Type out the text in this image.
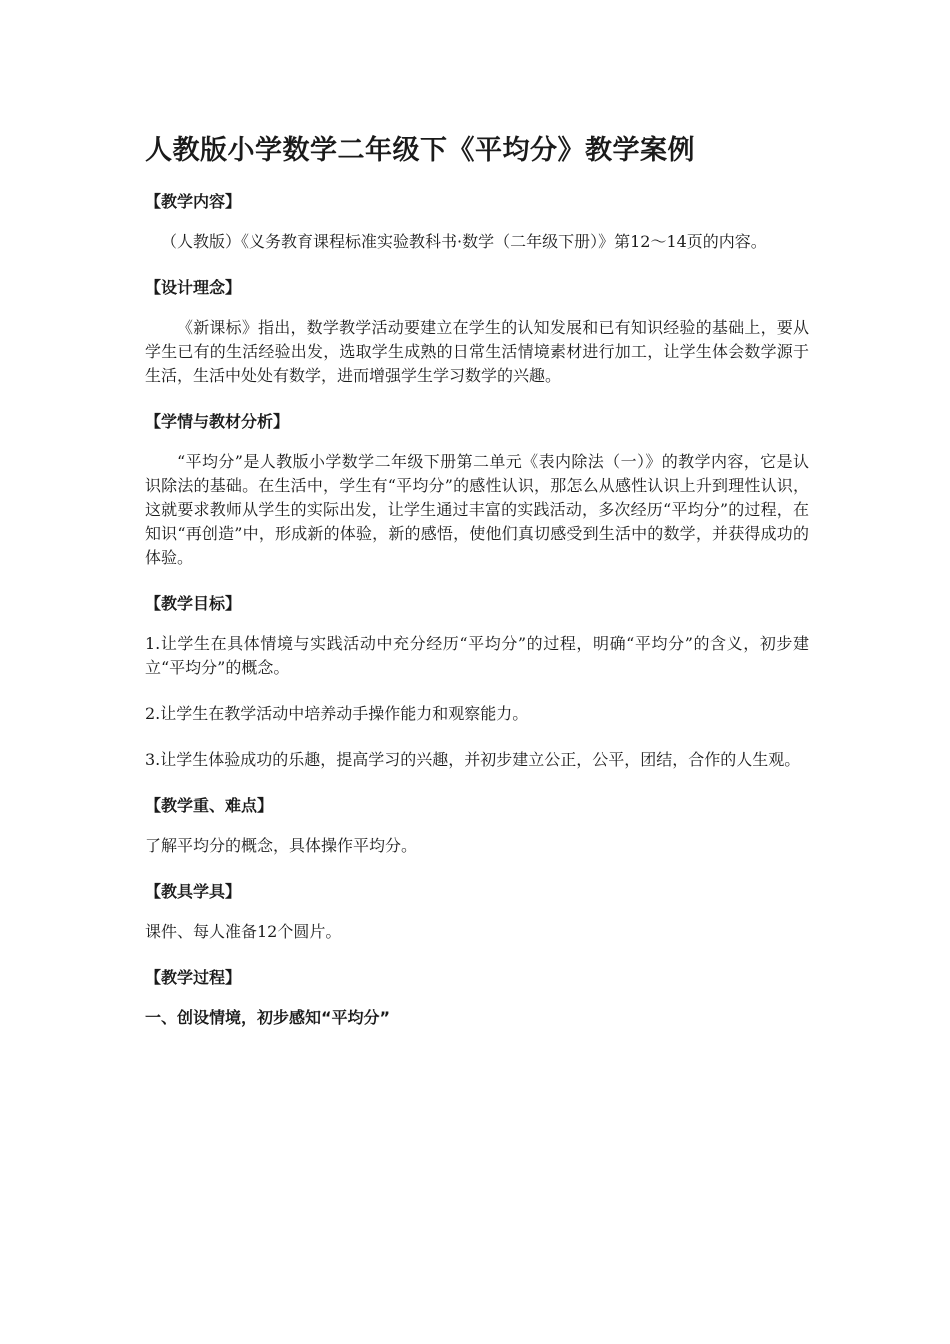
人教版小学数学二年级下《平均分》教学案例
【教学内容】

（人教版）《义务教育课程标准实验教科书·数学（二年级下册）》第12～14页的内容。

【设计理念】

《新课标》指出，数学教学活动要建立在学生的认知发展和已有知识经验的基础上，要从学生已有的生活经验出发，选取学生成熟的日常生活情境素材进行加工，让学生体会数学源于生活，生活中处处有数学，进而增强学生学习数学的兴趣。

【学情与教材分析】

“平均分”是人教版小学数学二年级下册第二单元《表内除法（一）》的教学内容，它是认识除法的基础。在生活中，学生有“平均分”的感性认识，那怎么从感性认识上升到理性认识，这就要求教师从学生的实际出发，让学生通过丰富的实践活动，多次经历“平均分”的过程，在知识“再创造”中，形成新的体验，新的感悟，使他们真切感受到生活中的数学，并获得成功的体验。

【教学目标】

1.让学生在具体情境与实践活动中充分经历“平均分”的过程，明确“平均分”的含义，初步建立“平均分”的概念。

2.让学生在教学活动中培养动手操作能力和观察能力。

3.让学生体验成功的乐趣，提高学习的兴趣，并初步建立公正，公平，团结，合作的人生观。

【教学重、难点】

了解平均分的概念，具体操作平均分。

【教具学具】

课件、每人准备12个圆片。

【教学过程】
一、创设情境，初步感知“平均分”
